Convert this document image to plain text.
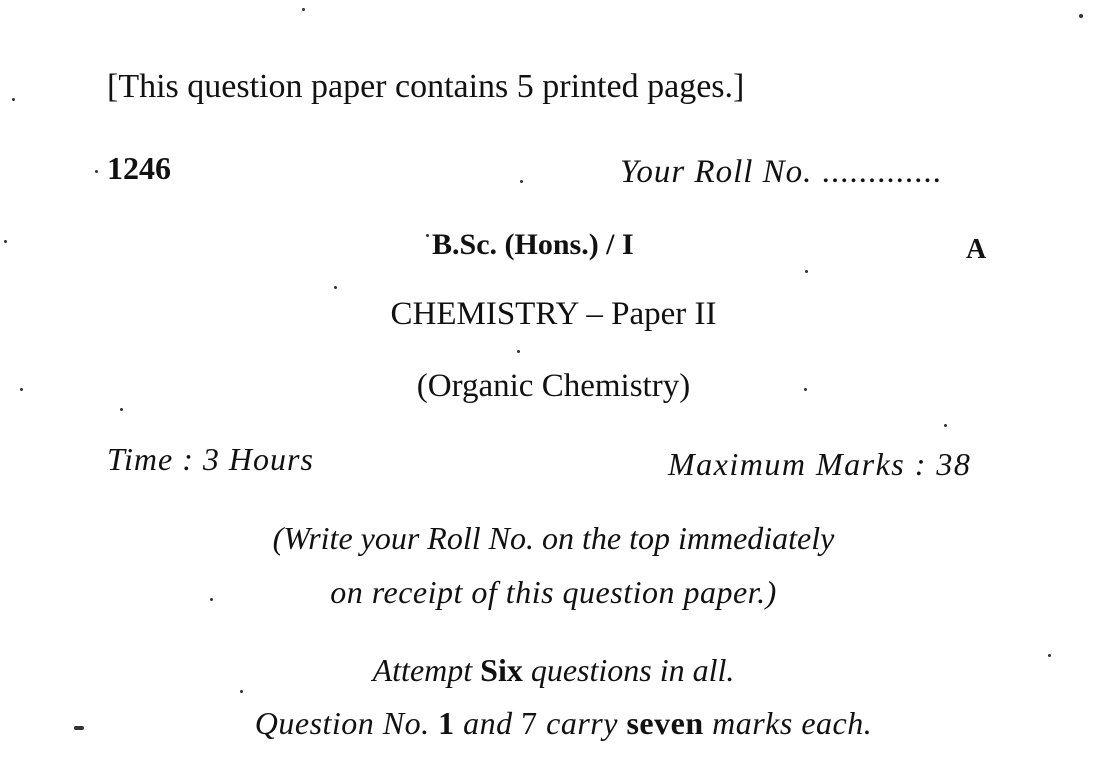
[This question paper contains 5 printed pages.]
1246	Your Roll No. .............
B.Sc. (Hons.) / I	A
CHEMISTRY – Paper II
(Organic Chemistry)
Time : 3 Hours	Maximum Marks : 38
(Write your Roll No. on the top immediately
on receipt of this question paper.)
Attempt Six questions in all.
Question No. 1 and 7 carry seven marks each.
